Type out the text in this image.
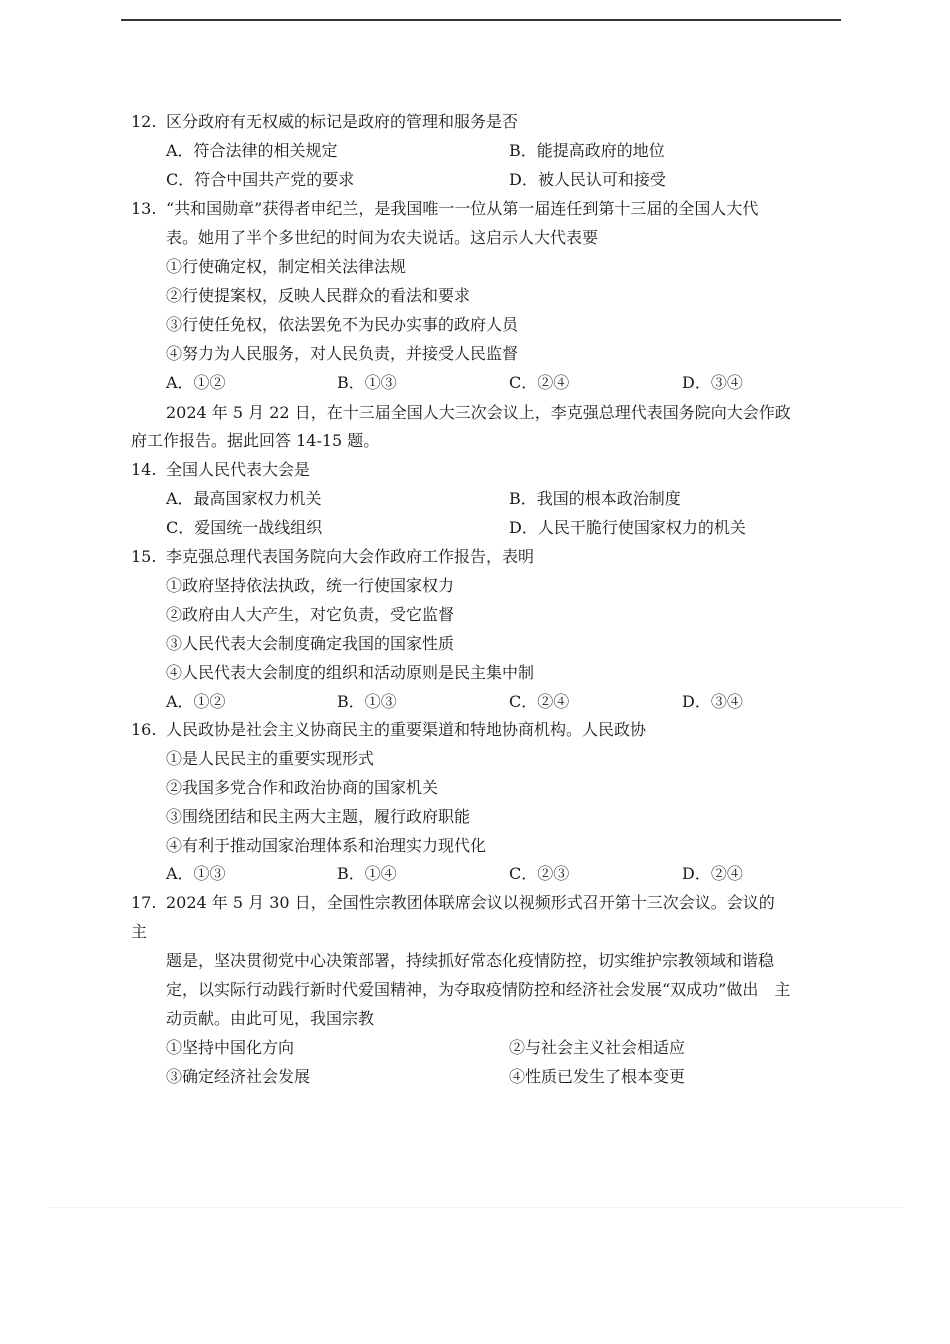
12. 区分政府有无权威的标记是政府的管理和服务是否
A．符合法律的相关规定	B．能提高政府的地位
C．符合中国共产党的要求	D．被人民认可和接受
13. “共和国勋章”获得者申纪兰，是我国唯一一位从第一届连任到第十三届的全国人大代
表。她用了半个多世纪的时间为农夫说话。这启示人大代表要
①行使确定权，制定相关法律法规
②行使提案权，反映人民群众的看法和要求
③行使任免权，依法罢免不为民办实事的政府人员
④努力为人民服务，对人民负责，并接受人民监督
A．①②	B．①③	C．②④	D．③④
2024 年 5 月 22 日，在十三届全国人大三次会议上，李克强总理代表国务院向大会作政
府工作报告。据此回答 14-15 题。
14. 全国人民代表大会是
A．最高国家权力机关	B．我国的根本政治制度
C．爱国统一战线组织	D．人民干脆行使国家权力的机关
15. 李克强总理代表国务院向大会作政府工作报告，表明
①政府坚持依法执政，统一行使国家权力
②政府由人大产生，对它负责，受它监督
③人民代表大会制度确定我国的国家性质
④人民代表大会制度的组织和活动原则是民主集中制
A．①②	B．①③	C．②④	D．③④
16. 人民政协是社会主义协商民主的重要渠道和特地协商机构。人民政协
①是人民民主的重要实现形式
②我国多党合作和政治协商的国家机关
③围绕团结和民主两大主题，履行政府职能
④有利于推动国家治理体系和治理实力现代化
A．①③	B．①④	C．②③	D．②④
17. 2024 年 5 月 30 日，全国性宗教团体联席会议以视频形式召开第十三次会议。会议的
主
题是，坚决贯彻党中心决策部署，持续抓好常态化疫情防控，切实维护宗教领域和谐稳
定，以实际行动践行新时代爱国精神，为夺取疫情防控和经济社会发展“双成功”做出　主
动贡献。由此可见，我国宗教
①坚持中国化方向	②与社会主义社会相适应
③确定经济社会发展	④性质已发生了根本变更
